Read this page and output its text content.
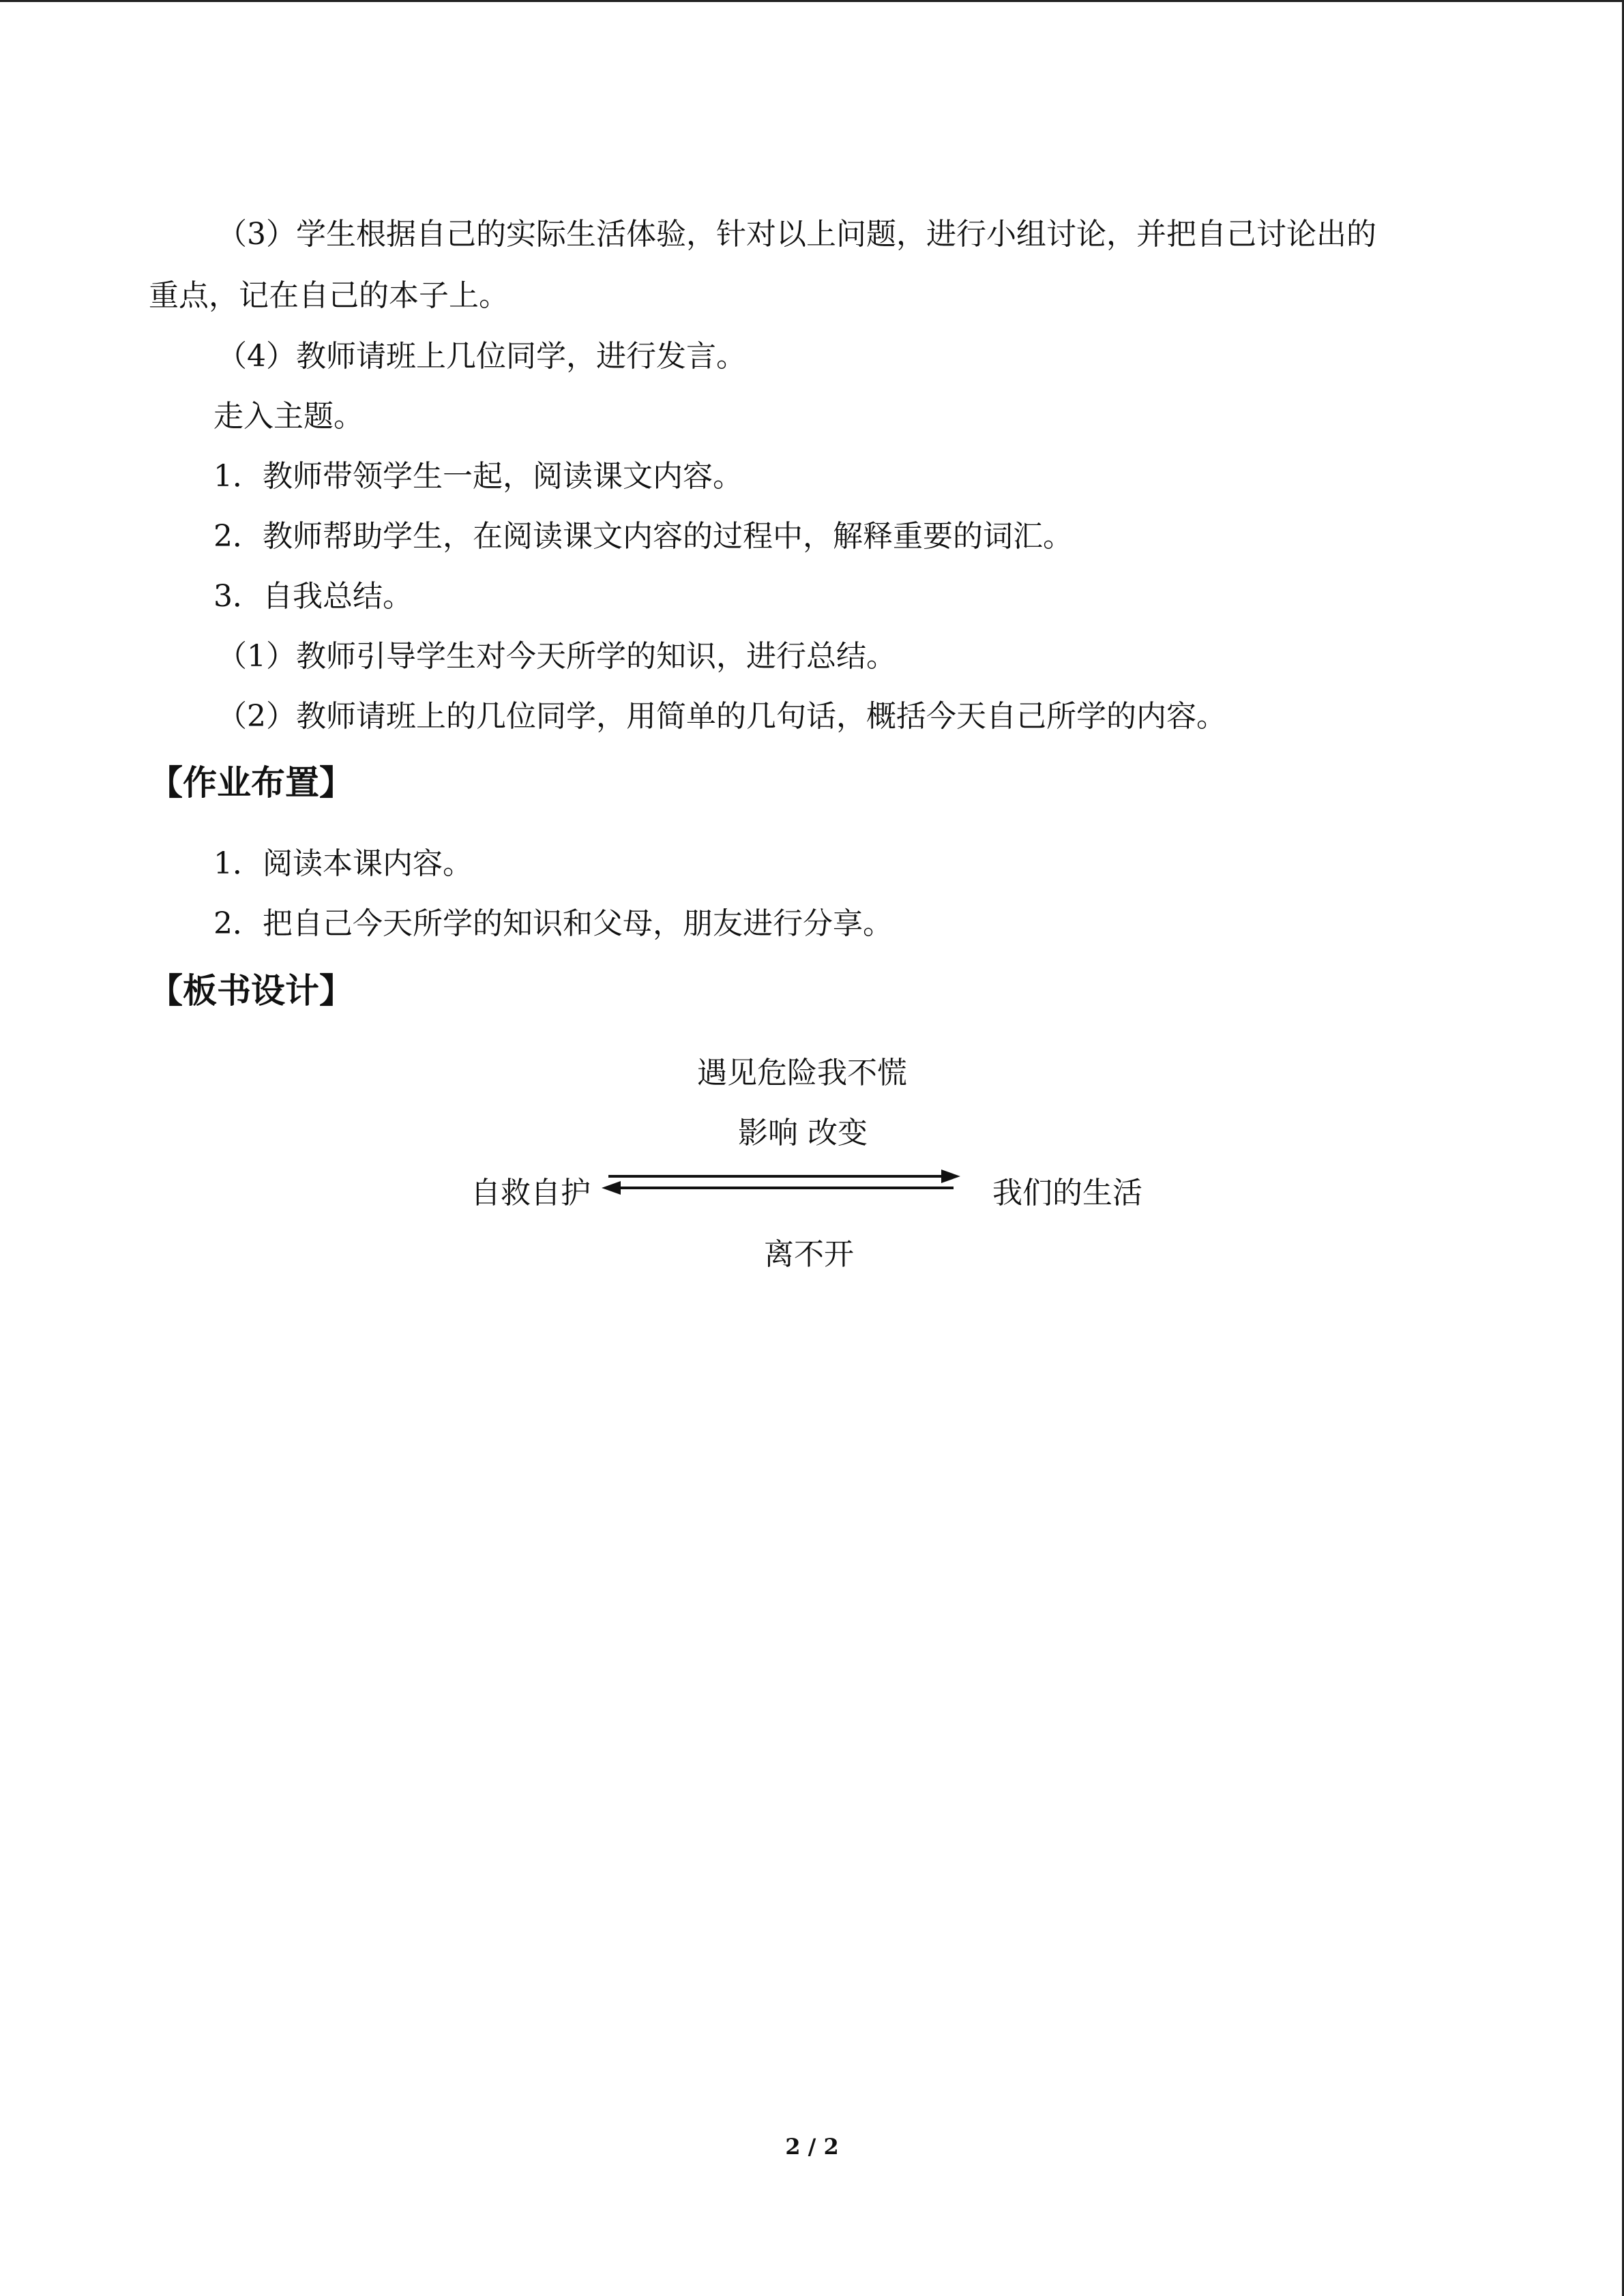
（3）学生根据自己的实际生活体验，针对以上问题，进行小组讨论，并把自己讨论出的
重点，记在自己的本子上。
（4）教师请班上几位同学，进行发言。
走入主题。
1．教师带领学生一起，阅读课文内容。
2．教师帮助学生，在阅读课文内容的过程中，解释重要的词汇。
3．自我总结。
（1）教师引导学生对今天所学的知识，进行总结。
（2）教师请班上的几位同学，用简单的几句话，概括今天自己所学的内容。
【作业布置】
1．阅读本课内容。
2．把自己今天所学的知识和父母，朋友进行分享。
【板书设计】
遇见危险我不慌
影响 改变
自救自护	我们的生活
离不开
2 / 2
